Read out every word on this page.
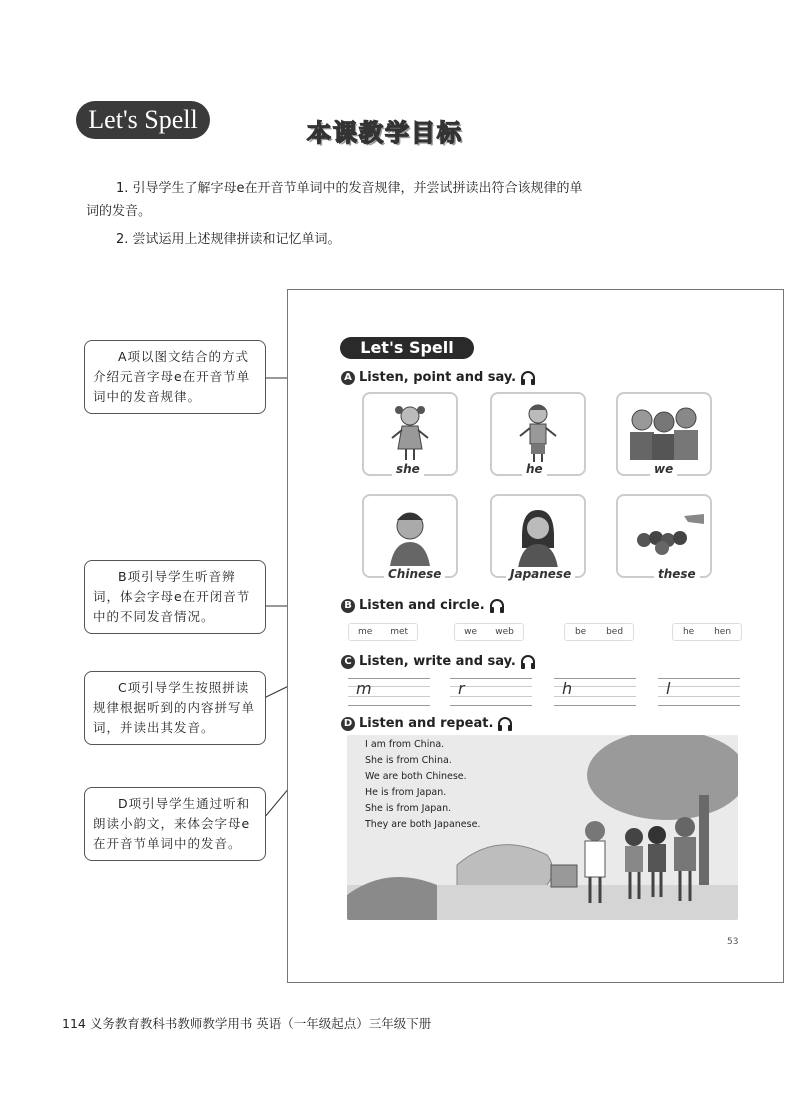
Let's Spell	本课教学目标
1. 引导学生了解字母e在开音节单词中的发音规律，并尝试拼读出符合该规律的单
词的发音。
2. 尝试运用上述规律拼读和记忆单词。
Let's Spell
A Listen, point and say.
she	he	we
Chinese	Japanese	these
B Listen and circle.
me met	we web	be bed	he hen
C Listen, write and say.
m	r	h	l
D Listen and repeat.
I am from China.
She is from China.
We are both Chinese.
He is from Japan.
She is from Japan.
They are both Japanese.
53
A项以图文结合的方式介绍元音字母e在开音节单词中的发音规律。
B项引导学生听音辨词，体会字母e在开闭音节中的不同发音情况。
C项引导学生按照拼读规律根据听到的内容拼写单词，并读出其发音。
D项引导学生通过听和朗读小韵文，来体会字母e在开音节单词中的发音。
114 义务教育教科书教师教学用书 英语（一年级起点）三年级下册
